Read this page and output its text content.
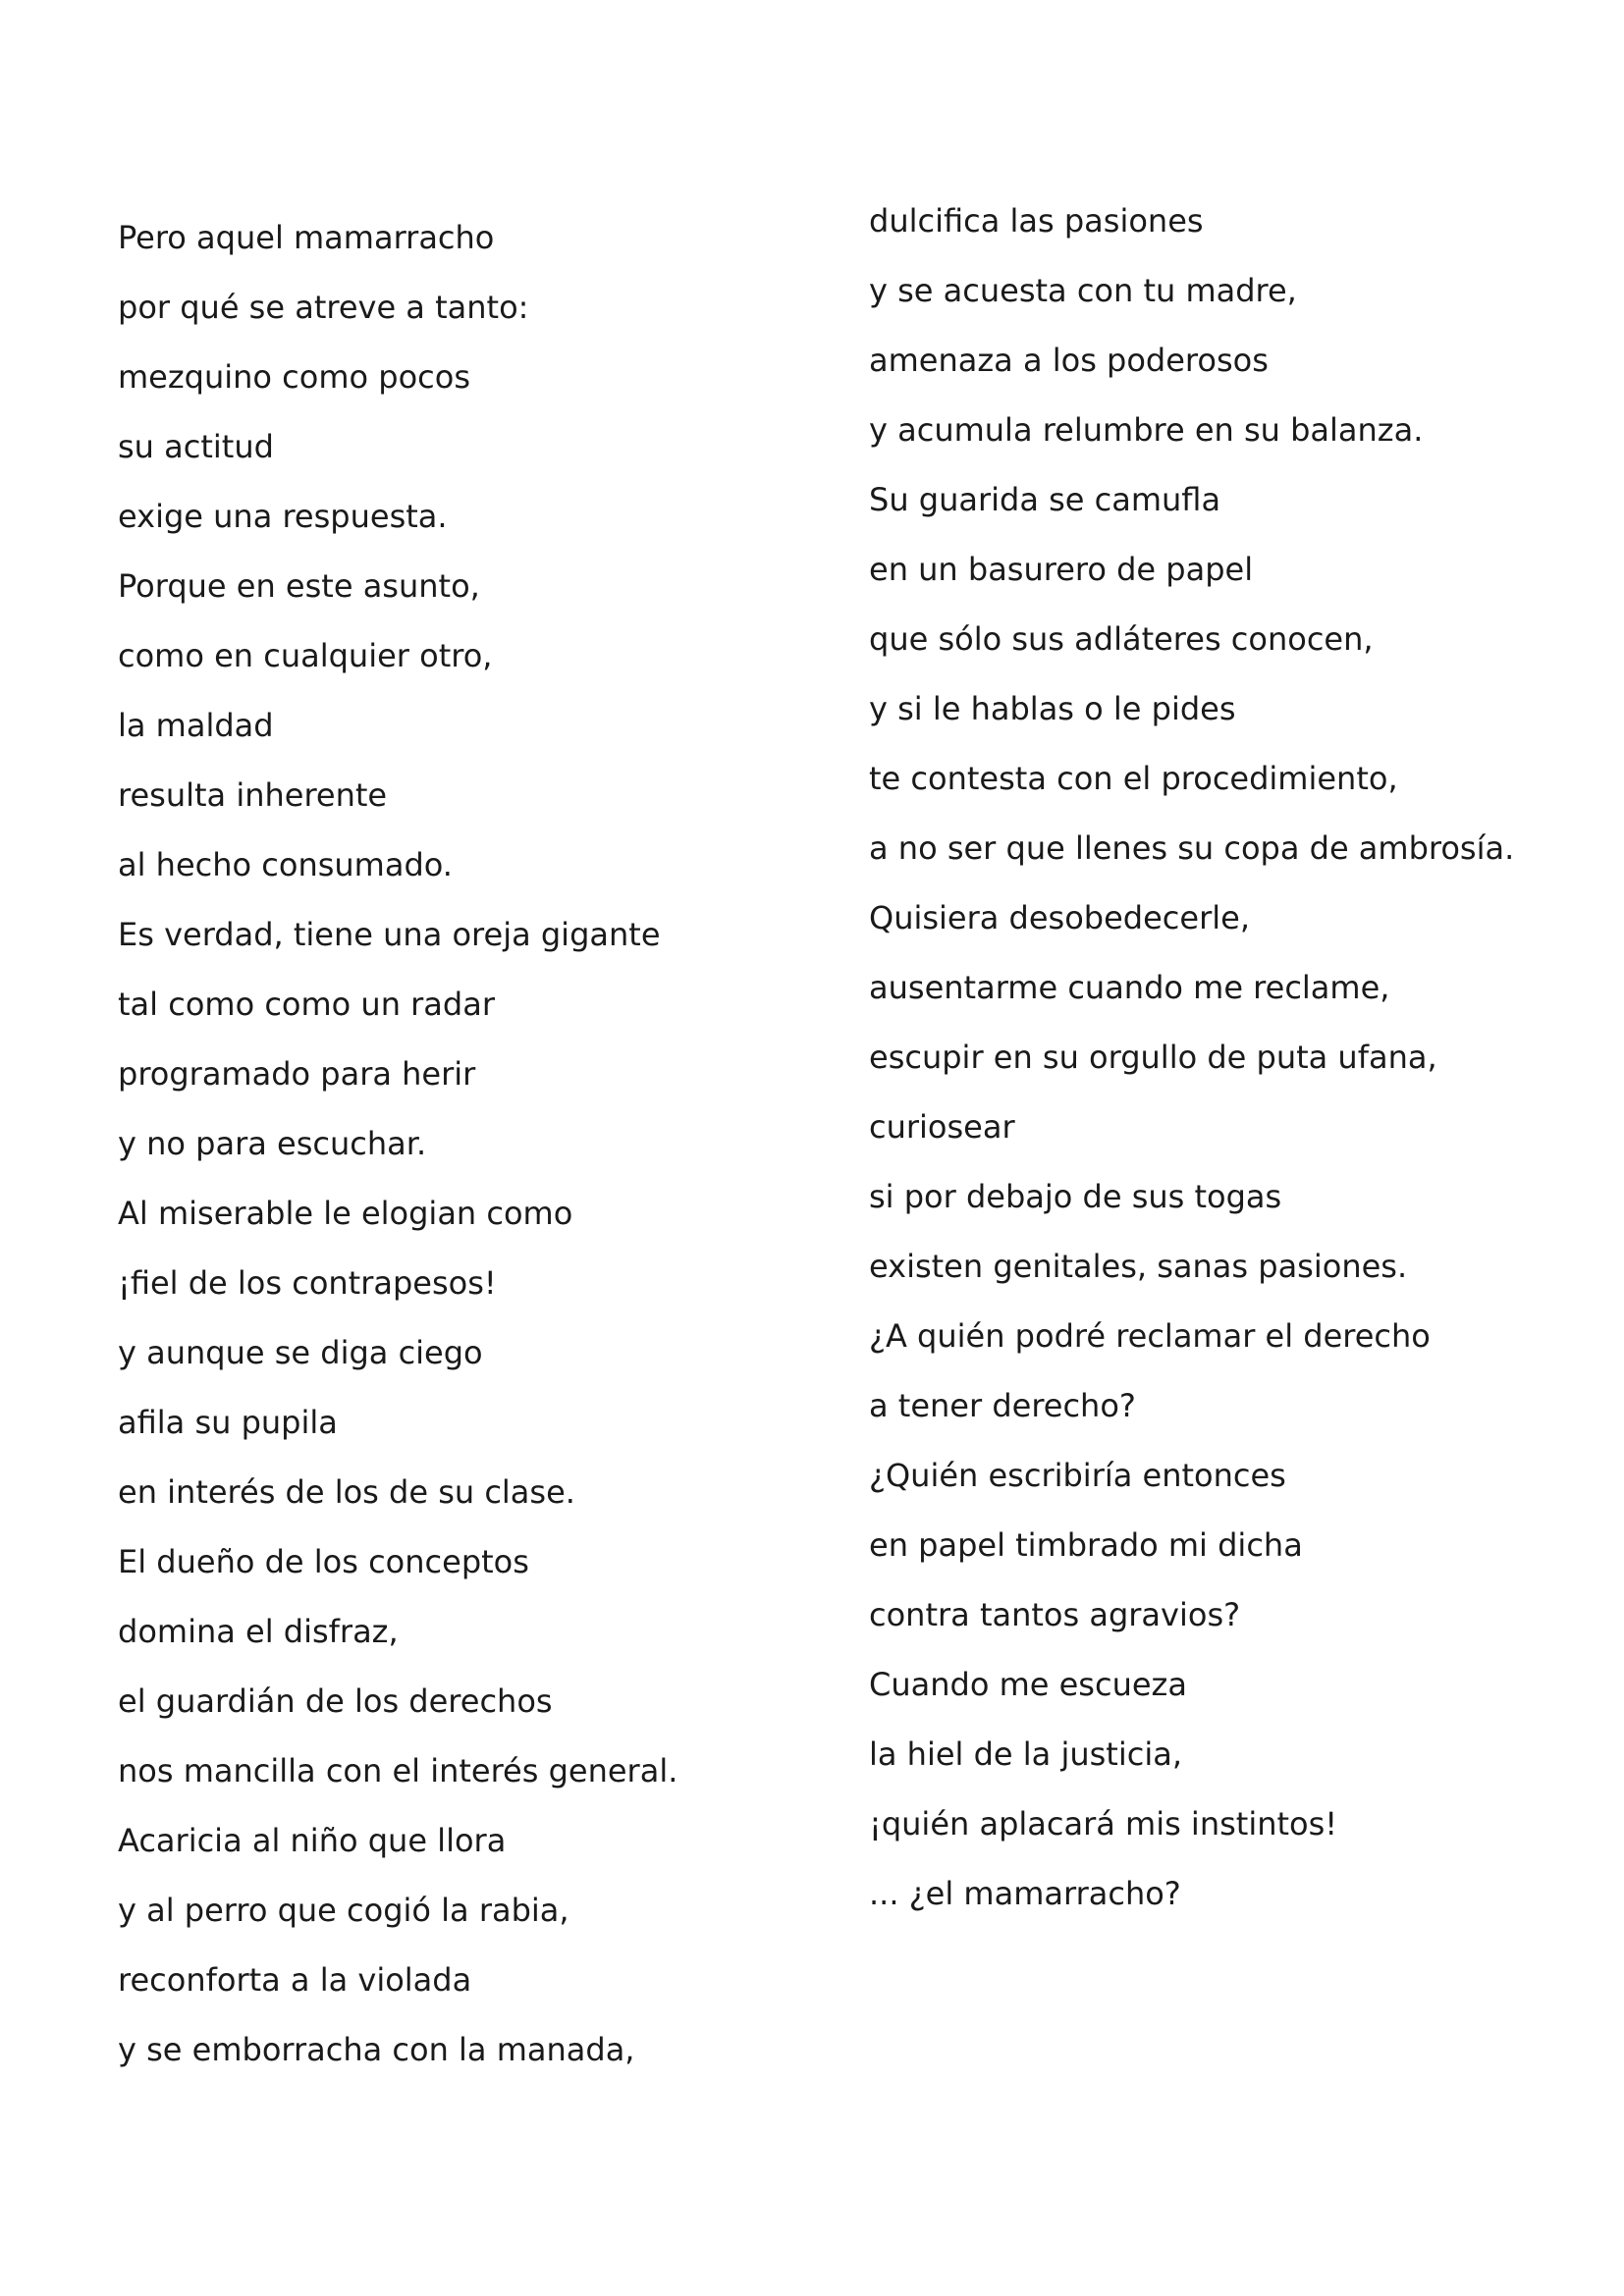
Pero aquel mamarracho
por qué se atreve a tanto:
mezquino como pocos
su actitud
exige una respuesta.
Porque en este asunto,
como en cualquier otro,
la maldad
resulta inherente
al hecho consumado.
Es verdad, tiene una oreja gigante
tal como como un radar
programado para herir
y no para escuchar.
Al miserable le elogian como
¡fiel de los contrapesos!
y aunque se diga ciego
afila su pupila
en interés de los de su clase.
El dueño de los conceptos
domina el disfraz,
el guardián de los derechos
nos mancilla con el interés general.
Acaricia al niño que llora
y al perro que cogió la rabia,
reconforta a la violada
y se emborracha con la manada,
dulcifica las pasiones
y se acuesta con tu madre,
amenaza a los poderosos
y acumula relumbre en su balanza.
Su guarida se camufla
en un basurero de papel
que sólo sus adláteres conocen,
y si le hablas o le pides
te contesta con el procedimiento,
a no ser que llenes su copa de ambrosía.
Quisiera desobedecerle,
ausentarme cuando me reclame,
escupir en su orgullo de puta ufana,
curiosear
si por debajo de sus togas
existen genitales, sanas pasiones.
¿A quién podré reclamar el derecho
a tener derecho?
¿Quién escribiría entonces
en papel timbrado mi dicha
contra tantos agravios?
Cuando me escueza
la hiel de la justicia,
¡quién aplacará mis instintos!
... ¿el mamarracho?
